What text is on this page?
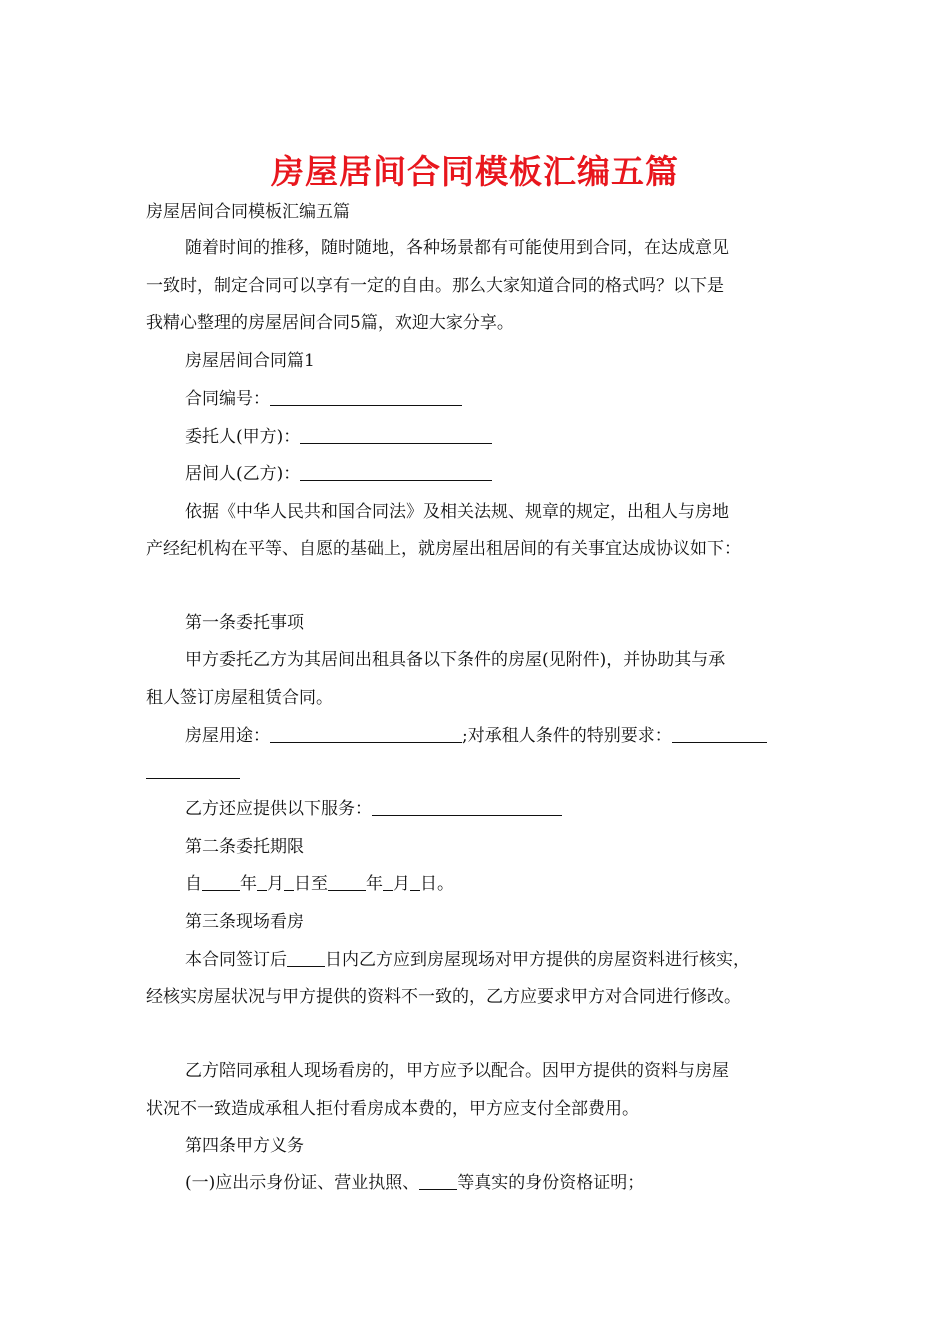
房屋居间合同模板汇编五篇
房屋居间合同模板汇编五篇
随着时间的推移，随时随地，各种场景都有可能使用到合同，在达成意见
一致时，制定合同可以享有一定的自由。那么大家知道合同的格式吗？以下是
我精心整理的房屋居间合同5篇，欢迎大家分享。
房屋居间合同篇1
合同编号：
委托人(甲方)：
居间人(乙方)：
依据《中华人民共和国合同法》及相关法规、规章的规定，出租人与房地
产经纪机构在平等、自愿的基础上，就房屋出租居间的有关事宜达成协议如下：
第一条委托事项
甲方委托乙方为其居间出租具备以下条件的房屋(见附件)，并协助其与承
租人签订房屋租赁合同。
房屋用途：	;对承租人条件的特别要求：
乙方还应提供以下服务：
第二条委托期限
自 年 月 日至 年 月 日。
第三条现场看房
本合同签订后 日内乙方应到房屋现场对甲方提供的房屋资料进行核实，
经核实房屋状况与甲方提供的资料不一致的，乙方应要求甲方对合同进行修改。
乙方陪同承租人现场看房的，甲方应予以配合。因甲方提供的资料与房屋
状况不一致造成承租人拒付看房成本费的，甲方应支付全部费用。
第四条甲方义务
(一)应出示身份证、营业执照、 等真实的身份资格证明；
